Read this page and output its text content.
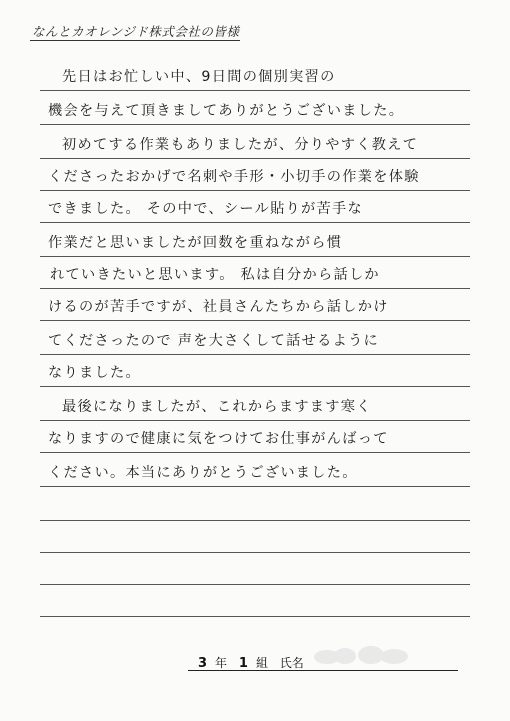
なんとカオレンジド株式会社の皆様
先日はお忙しい中、9日間の個別実習の
機会を与えて頂きましてありがとうございました。
初めてする作業もありましたが、分りやすく教えて
くださったおかげで名刺や手形・小切手の作業を体験
できました。 その中で、シール貼りが苦手な
作業だと思いましたが回数を重ねながら慣
れていきたいと思います。 私は自分から話しか
けるのが苦手ですが、社員さんたちから話しかけ
てくださったので 声を大さくして話せるように
なりました。
最後になりましたが、これからますます寒く
なりますので健康に気をつけてお仕事がんばって
ください。本当にありがとうございました。
3 年 1 組 氏名
